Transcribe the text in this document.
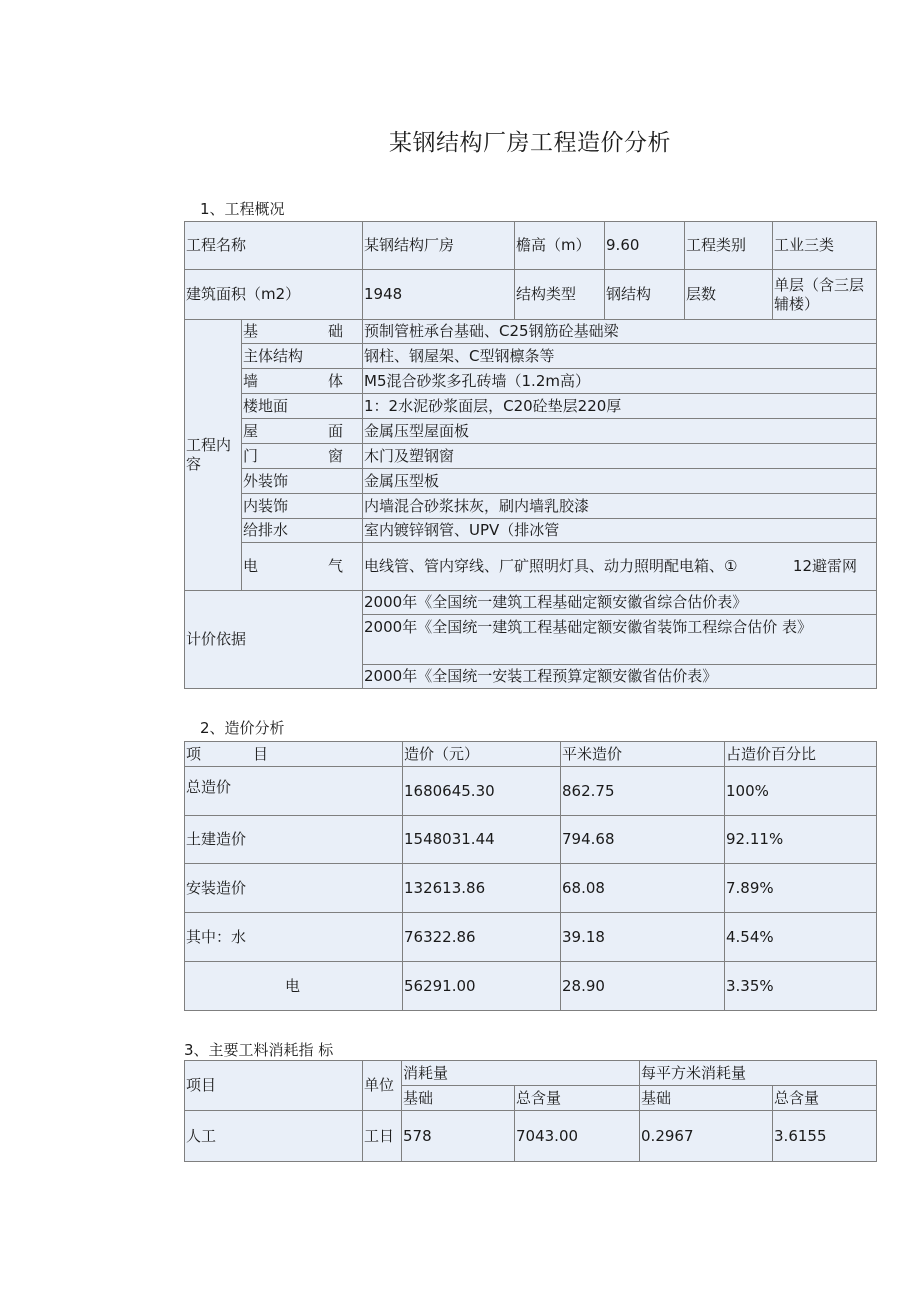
某钢结构厂房工程造价分析
1、工程概况
工程名称		某钢结构厂房	檐高（m）	9.60	工程类别	工业三类
建筑面积（m2）		1948	结构类型	钢结构	层数	单层（含三层辅楼）
工程内容	基 础	预制管桩承台基础、C25钢筋砼基础梁				
	主体结构	钢柱、钢屋架、C型钢檩条等				

	墙 体	M5混合砂浆多孔砖墙（1.2m高）				
	楼地面	1：2水泥砂浆面层，C20砼垫层220厚				

	屋 面	金属压型屋面板				

	门 窗	木门及塑钢窗				
	外装饰	金属压型板				
	内装饰	内墙混合砂浆抹灰，刷内墙乳胶漆				
	给排水	室内镀锌钢管、UPV（排冰管				

	电 气	电线管、管内穿线、厂矿照明灯具、动力照明配电箱、① 12避雷网				

计价依据		2000年《全国统一建筑工程基础定额安徽省综合估价表》				
		2000年《全国统一建筑工程基础定额安徽省装饰工程综合估价 表》				
		2000年《全国统一安装工程预算定额安徽省估价表》				
2、造价分析
项 目	造价（元）	平米造价	占造价百分比
总造价	1680645.30	862.75	100%
土建造价	1548031.44	794.68	92.11%
安装造价	132613.86	68.08	7.89%
其中：水	76322.86	39.18	4.54%
电	56291.00	28.90	3.35%
3、主要工料消耗指 标
项目	单位	消耗量		每平方米消耗量	
		基础	总含量	基础	总含量
人工	工日	578	7043.00	0.2967	3.6155
